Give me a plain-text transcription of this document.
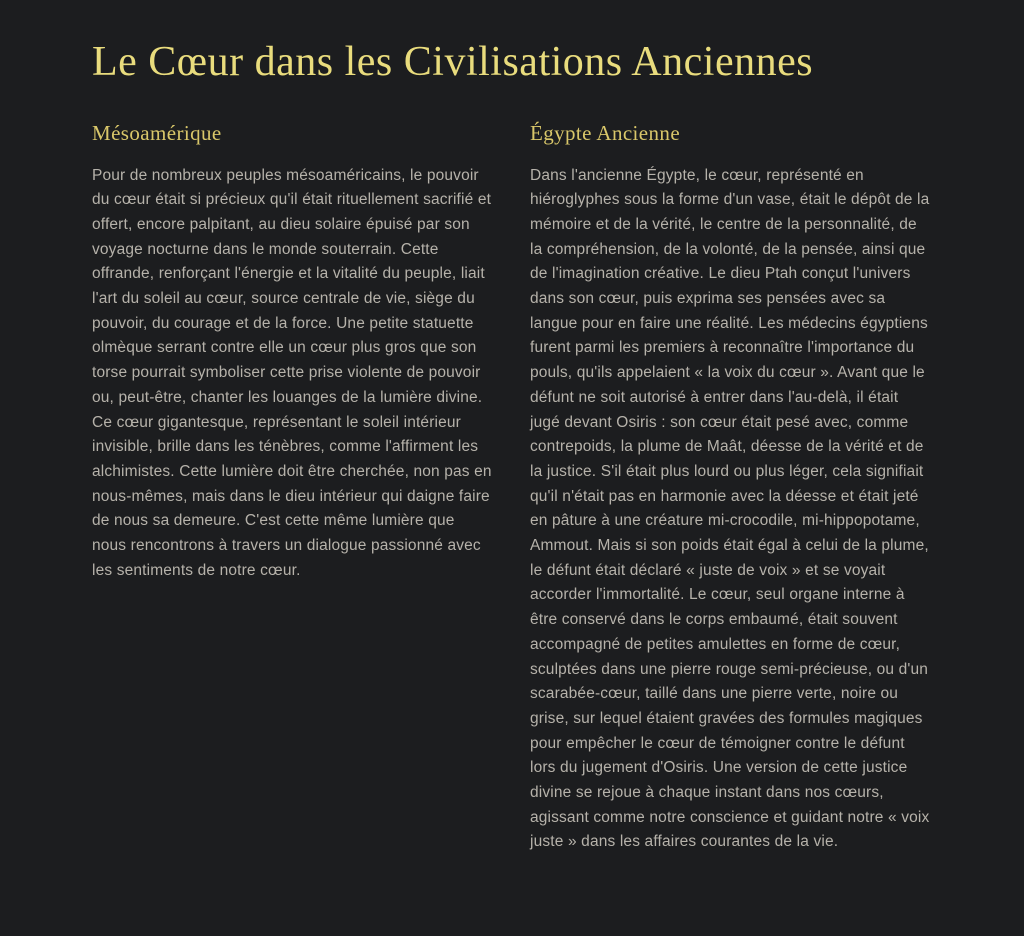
Le Cœur dans les Civilisations Anciennes
Mésoamérique

Pour de nombreux peuples mésoaméricains, le pouvoir du cœur était si précieux qu'il était rituellement sacrifié et offert, encore palpitant, au dieu solaire épuisé par son voyage nocturne dans le monde souterrain. Cette offrande, renforçant l'énergie et la vitalité du peuple, liait l'art du soleil au cœur, source centrale de vie, siège du pouvoir, du courage et de la force. Une petite statuette olmèque serrant contre elle un cœur plus gros que son torse pourrait symboliser cette prise violente de pouvoir ou, peut-être, chanter les louanges de la lumière divine. Ce cœur gigantesque, représentant le soleil intérieur invisible, brille dans les ténèbres, comme l'affirment les alchimistes. Cette lumière doit être cherchée, non pas en nous-mêmes, mais dans le dieu intérieur qui daigne faire de nous sa demeure. C'est cette même lumière que nous rencontrons à travers un dialogue passionné avec les sentiments de notre cœur.

Égypte Ancienne

Dans l'ancienne Égypte, le cœur, représenté en hiéroglyphes sous la forme d'un vase, était le dépôt de la mémoire et de la vérité, le centre de la personnalité, de la compréhension, de la volonté, de la pensée, ainsi que de l'imagination créative. Le dieu Ptah conçut l'univers dans son cœur, puis exprima ses pensées avec sa langue pour en faire une réalité. Les médecins égyptiens furent parmi les premiers à reconnaître l'importance du pouls, qu'ils appelaient « la voix du cœur ». Avant que le défunt ne soit autorisé à entrer dans l'au-delà, il était jugé devant Osiris : son cœur était pesé avec, comme contrepoids, la plume de Maât, déesse de la vérité et de la justice. S'il était plus lourd ou plus léger, cela signifiait qu'il n'était pas en harmonie avec la déesse et était jeté en pâture à une créature mi-crocodile, mi-hippopotame, Ammout. Mais si son poids était égal à celui de la plume, le défunt était déclaré « juste de voix » et se voyait accorder l'immortalité. Le cœur, seul organe interne à être conservé dans le corps embaumé, était souvent accompagné de petites amulettes en forme de cœur, sculptées dans une pierre rouge semi-précieuse, ou d'un scarabée-cœur, taillé dans une pierre verte, noire ou grise, sur lequel étaient gravées des formules magiques pour empêcher le cœur de témoigner contre le défunt lors du jugement d'Osiris. Une version de cette justice divine se rejoue à chaque instant dans nos cœurs, agissant comme notre conscience et guidant notre « voix juste » dans les affaires courantes de la vie.
